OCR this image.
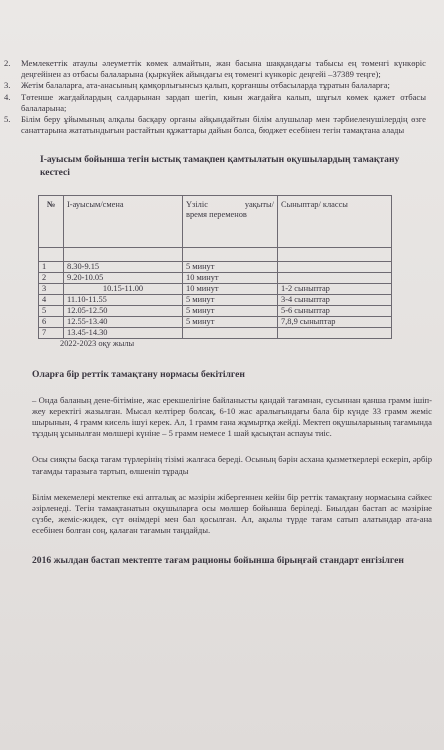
2. Мемлекеттік атаулы әлеуметтік көмек алмайтын, жан басына шаққандағы табысы ең төменгі күнкөріс деңгейінен аз отбасы балаларына (қыркүйек айындағы ең төменгі күнкөріс деңгейі –37389 теңге);
3. Жетім балаларға, ата-анасының қамқорлығынсыз қалып, қорғаншы отбасыларда тұратын балаларға;
4. Төтенше жағдайлардың салдарынан зардап шегіп, киын жағдайға калып, шұғыл көмек қажет отбасы балаларына;
5. Білім беру ұйымының алқалы басқару органы айқындайтын білім алушылар мен тәрбиеленушілердің өзге санаттарына жататындығын растайтын құжаттары дайын болса, бюджет есебінен тегін тамақтана алады
І-ауысым бойынша тегін ыстық тамақпен қамтылатын оқушылардың тамақтану кестесі
№	І-ауысым/смена	Үзіліс уақыты/
время переменов	Сыныптар/ классы

1	8.30-9.15	5 минут	
2	9.20-10.05	10 минут	
3	10.15-11.00	10 минут	1-2 сыныптар
4	11.10-11.55	5 минут	3-4 сыныптар
5	12.05-12.50	5 минут	5-6 сыныптар
6	12.55-13.40	5 минут	7,8,9 сыныптар
7	13.45-14.30		
2022-2023 оқу жылы
Оларға бір реттік тамақтану нормасы бекітілген

– Онда баланың дене-бітіміне, жас ерекшелігіне байланысты қандай тағамнан, сусыннан қанша грамм ішіп-жеу керектігі жазылған. Мысал келтірер болсақ, 6-10 жас аралығындағы бала бір күнде 33 грамм жеміс шырынын, 4 грамм кисель ішуі керек. Ал, 1 грамм ғана жұмыртқа жейді. Мектеп оқушыларының тағамында тұздың ұсынылған мөлшері күніне – 5 грамм немесе 1 шай қасықтан аспауы тиіс.

Осы сияқты басқа тағам түрлерінің тізімі жалғаса береді. Осының бәрін асхана қызметкерлері ескеріп, әрбір тағамды таразыға тартып, өлшеніп тұрады

Білім мекемелері мектепке екі апталық ас мәзірін жібергеннен кейін бір реттік тамақтану нормасына сәйкес әзірленеді. Тегін тамақтанатын оқушыларға осы мөлшер бойынша беріледі. Биылдан бастап ас мәзіріне сүзбе, жеміс-жидек, сүт өнімдері мен бал қосылған. Ал, ақылы түрде тағам сатып алатындар ата-ана есебінен болған соң, қалаған тағамын таңдайды.

2016 жылдан бастап мектепте тағам рационы бойынша бірыңғай стандарт енгізілген
